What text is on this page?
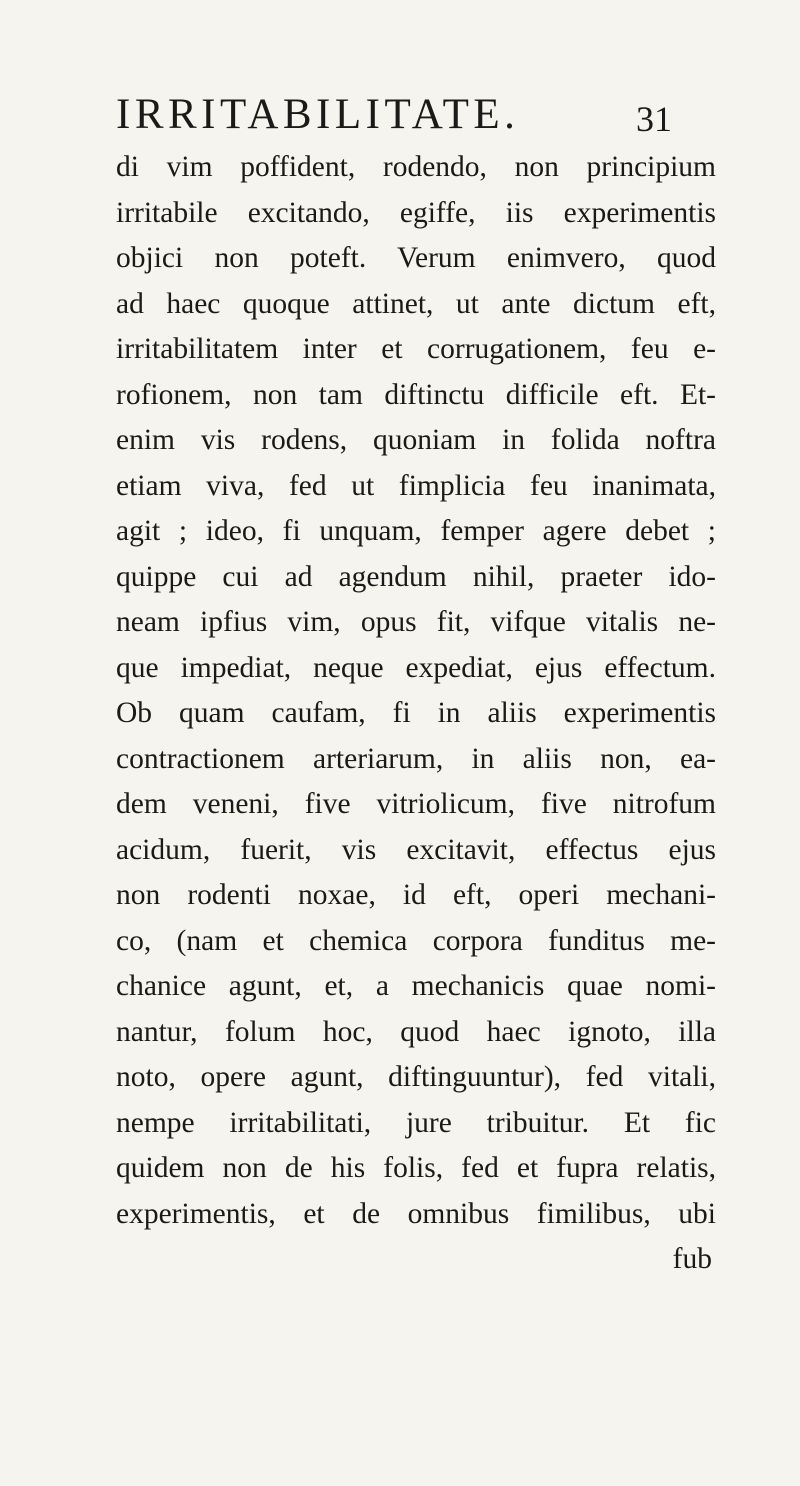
IRRITABILITATE.	31
di vim poffident, rodendo, non principium
irritabile excitando, egiffe, iis experimentis
objici non poteft. Verum enimvero, quod
ad haec quoque attinet, ut ante dictum eft,
irritabilitatem inter et corrugationem, feu e-
rofionem, non tam diftinctu difficile eft. Et-
enim vis rodens, quoniam in folida noftra
etiam viva, fed ut fimplicia feu inanimata,
agit ; ideo, fi unquam, femper agere debet ;
quippe cui ad agendum nihil, praeter ido-
neam ipfius vim, opus fit, vifque vitalis ne-
que impediat, neque expediat, ejus effectum.
Ob quam caufam, fi in aliis experimentis
contractionem arteriarum, in aliis non, ea-
dem veneni, five vitriolicum, five nitrofum
acidum, fuerit, vis excitavit, effectus ejus
non rodenti noxae, id eft, operi mechani-
co, (nam et chemica corpora funditus me-
chanice agunt, et, a mechanicis quae nomi-
nantur, folum hoc, quod haec ignoto, illa
noto, opere agunt, diftinguuntur), fed vitali,
nempe irritabilitati, jure tribuitur. Et fic
quidem non de his folis, fed et fupra relatis,
experimentis, et de omnibus fimilibus, ubi
fub
